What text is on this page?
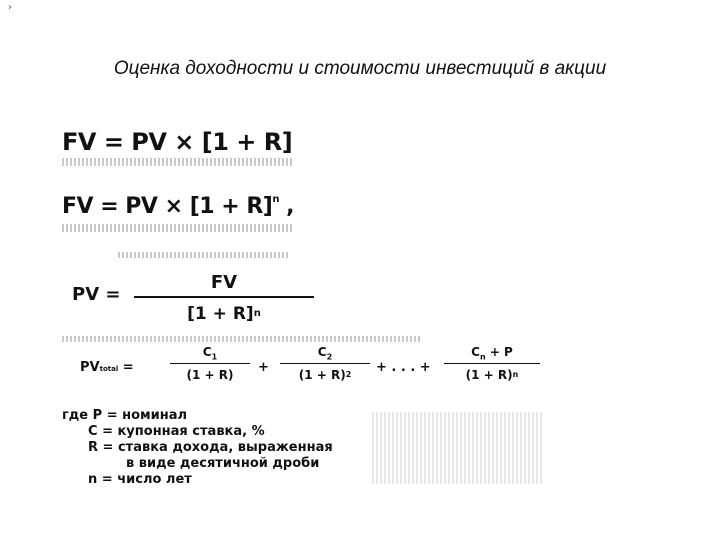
›
Оценка доходности и стоимости инвестиций в акции
FV = PV × [1 + R]
FV = PV × $[1 + R]^n$ ,
PV =
FV
$[1 + R]^n$
PVtotal =
$C_1$
(1 + R)	+
$C_2$
$(1 + R)^2$	+ . . . +
$C_n + P$
$(1 + R)^n$
где P = номинал
С = купонная ставка, %
R = ставка дохода, выраженная
в виде десятичной дроби
n = число лет
